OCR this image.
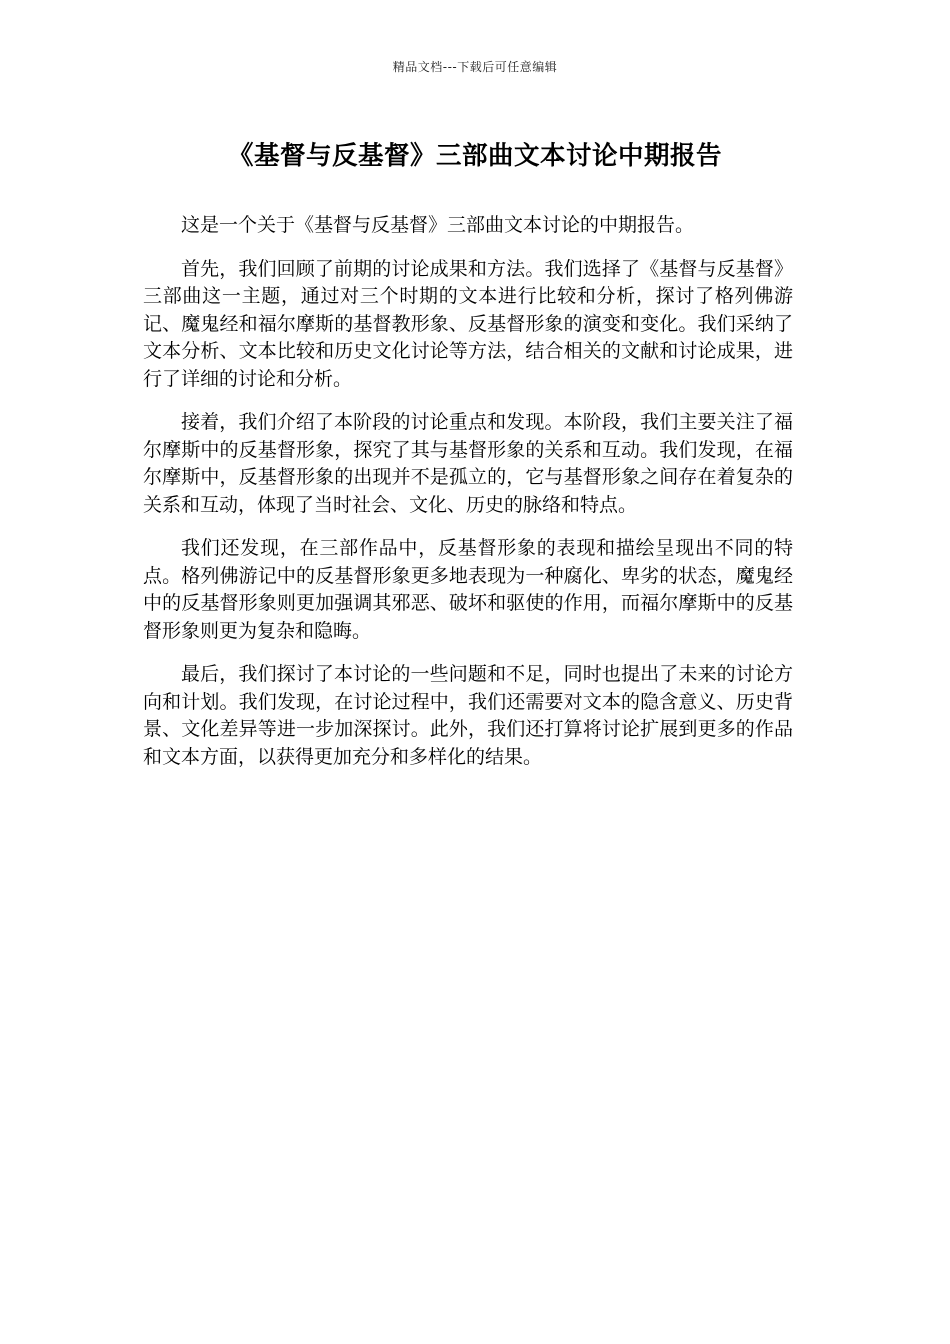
精品文档---下载后可任意编辑
《基督与反基督》三部曲文本讨论中期报告

这是一个关于《基督与反基督》三部曲文本讨论的中期报告。

首先，我们回顾了前期的讨论成果和方法。我们选择了《基督与反基督》三部曲这一主题，通过对三个时期的文本进行比较和分析，探讨了格列佛游记、魔鬼经和福尔摩斯的基督教形象、反基督形象的演变和变化。我们采纳了文本分析、文本比较和历史文化讨论等方法，结合相关的文献和讨论成果，进行了详细的讨论和分析。

接着，我们介绍了本阶段的讨论重点和发现。本阶段，我们主要关注了福尔摩斯中的反基督形象，探究了其与基督形象的关系和互动。我们发现，在福尔摩斯中，反基督形象的出现并不是孤立的，它与基督形象之间存在着复杂的关系和互动，体现了当时社会、文化、历史的脉络和特点。

我们还发现，在三部作品中，反基督形象的表现和描绘呈现出不同的特点。格列佛游记中的反基督形象更多地表现为一种腐化、卑劣的状态，魔鬼经中的反基督形象则更加强调其邪恶、破坏和驱使的作用，而福尔摩斯中的反基督形象则更为复杂和隐晦。

最后，我们探讨了本讨论的一些问题和不足，同时也提出了未来的讨论方向和计划。我们发现，在讨论过程中，我们还需要对文本的隐含意义、历史背景、文化差异等进一步加深探讨。此外，我们还打算将讨论扩展到更多的作品和文本方面，以获得更加充分和多样化的结果。
